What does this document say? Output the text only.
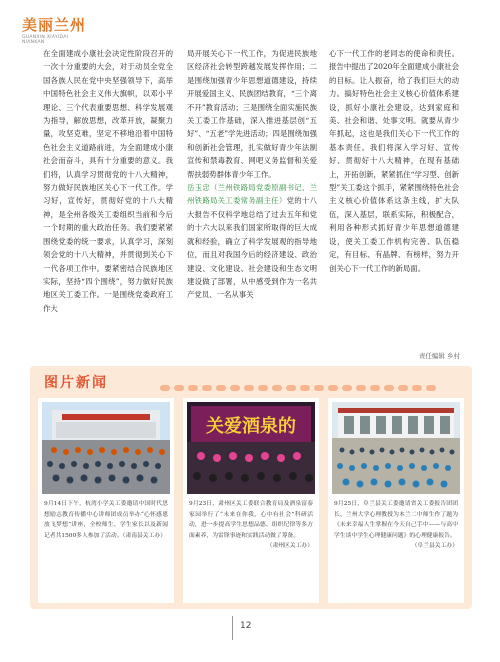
美丽兰州
GUANXIN XIAYIDAI
NIANKAN
在全面建成小康社会决定性阶段召开的一次十分重要的大会，对于动员全党全国各族人民在党中央坚强领导下，高举中国特色社会主义伟大旗帜，以邓小平理论、三个代表重要思想、科学发展观为指导，解放思想，改革开放，凝聚力量，攻坚克难，坚定不移地沿着中国特色社会主义道路前进，为全面建成小康社会而奋斗，具有十分重要的意义。我们将，认真学习贯彻党的十八大精神，努力做好民族地区关心下一代工作。学习好，宣传好，贯彻好党的十八大精神，是全州各级关工委组织当前和今后一个时期的重大政治任务。我们要紧紧围绕党委的统一要求，认真学习，深刻领会党的十八大精神，并贯彻到关心下一代各项工作中。要紧密结合民族地区实际，坚持“四个围绕”，努力做好民族地区关工委工作。一是围绕党委政府工作大
局开展关心下一代工作，为促进民族地区经济社会转型跨越发展发挥作用；二是围绕加强青少年思想道德建设，持续开展爱国主义、民族团结教育，“三个离不开”教育活动；三是围绕全面实施民族关工委工作基础，深入推进基层创“五好”、“五老”学先进活动；四是围绕加强和创新社会管理，扎实做好青少年法制宣传和禁毒教育、网吧义务监督和关爱帮扶弱势群体青少年工作。
岳玉忠（兰州铁路局党委原副书记、兰州铁路局关工委常务副主任）党的十八大报告不仅科学地总结了过去五年和党的十六大以来我们国家所取得的巨大成就和经验，确立了科学发展观的指导地位，而且对我国今后的经济建设、政治建设、文化建设、社会建设和生态文明建设做了部署，从中感受到作为一名共产党员、一名从事关
心下一代工作的老同志的使命和责任。报告中提出了2020年全面建成小康社会的目标。让人振奋，给了我们巨大的动力。搞好特色社会主义核心价值体系建设，抓好小康社会建设，达到家庭和美、社会和谐、处事文明。就要从青少年抓起，这也是我们关心下一代工作的基本责任。我们将深入学习好、宣传好、贯彻好十八大精神，在现有基础上，开拓创新，紧紧抓住“学习型、创新型”关工委这个抓手，紧紧围绕特色社会主义核心价值体系这条主线，扩大队伍，深入基层，联系实际，积极配合，利用各种形式抓好青少年思想道德建设，使关工委工作机构完善、队伍稳定，有目标、有晶牌、有榜样，努力开创关心下一代工作的新局面。
责任编辑 乡村
图片新闻
9月14日下午，杭湾小学关工委邀请中国时代思想励志教育传播中心讲师团成员举办“心怀感恩 放飞梦想”讲座，全校师生、学生家长以及新闻记者共1500多人参加了活动。（肃南县关工办）
关爱酒泉的
9月23日，肃州区关工委联合教育局及酒泉富泰家园举行了“未来在你我，心中有社会”科研活动，进一步提高学生思想品德、组织纪律等多方面素养，为雷锋事迹和实践活动做了筹备。
（肃州区关工办）
9月25日，阜兰县关工委邀请省关工委报告团团长、兰州大学心理教授为本兰二中师生作了题为《未来幸福人生掌握在今天自己手中——与高中学生谈中学生心理健康问题》的心理健康报告。
（阜兰县关工办）
12
